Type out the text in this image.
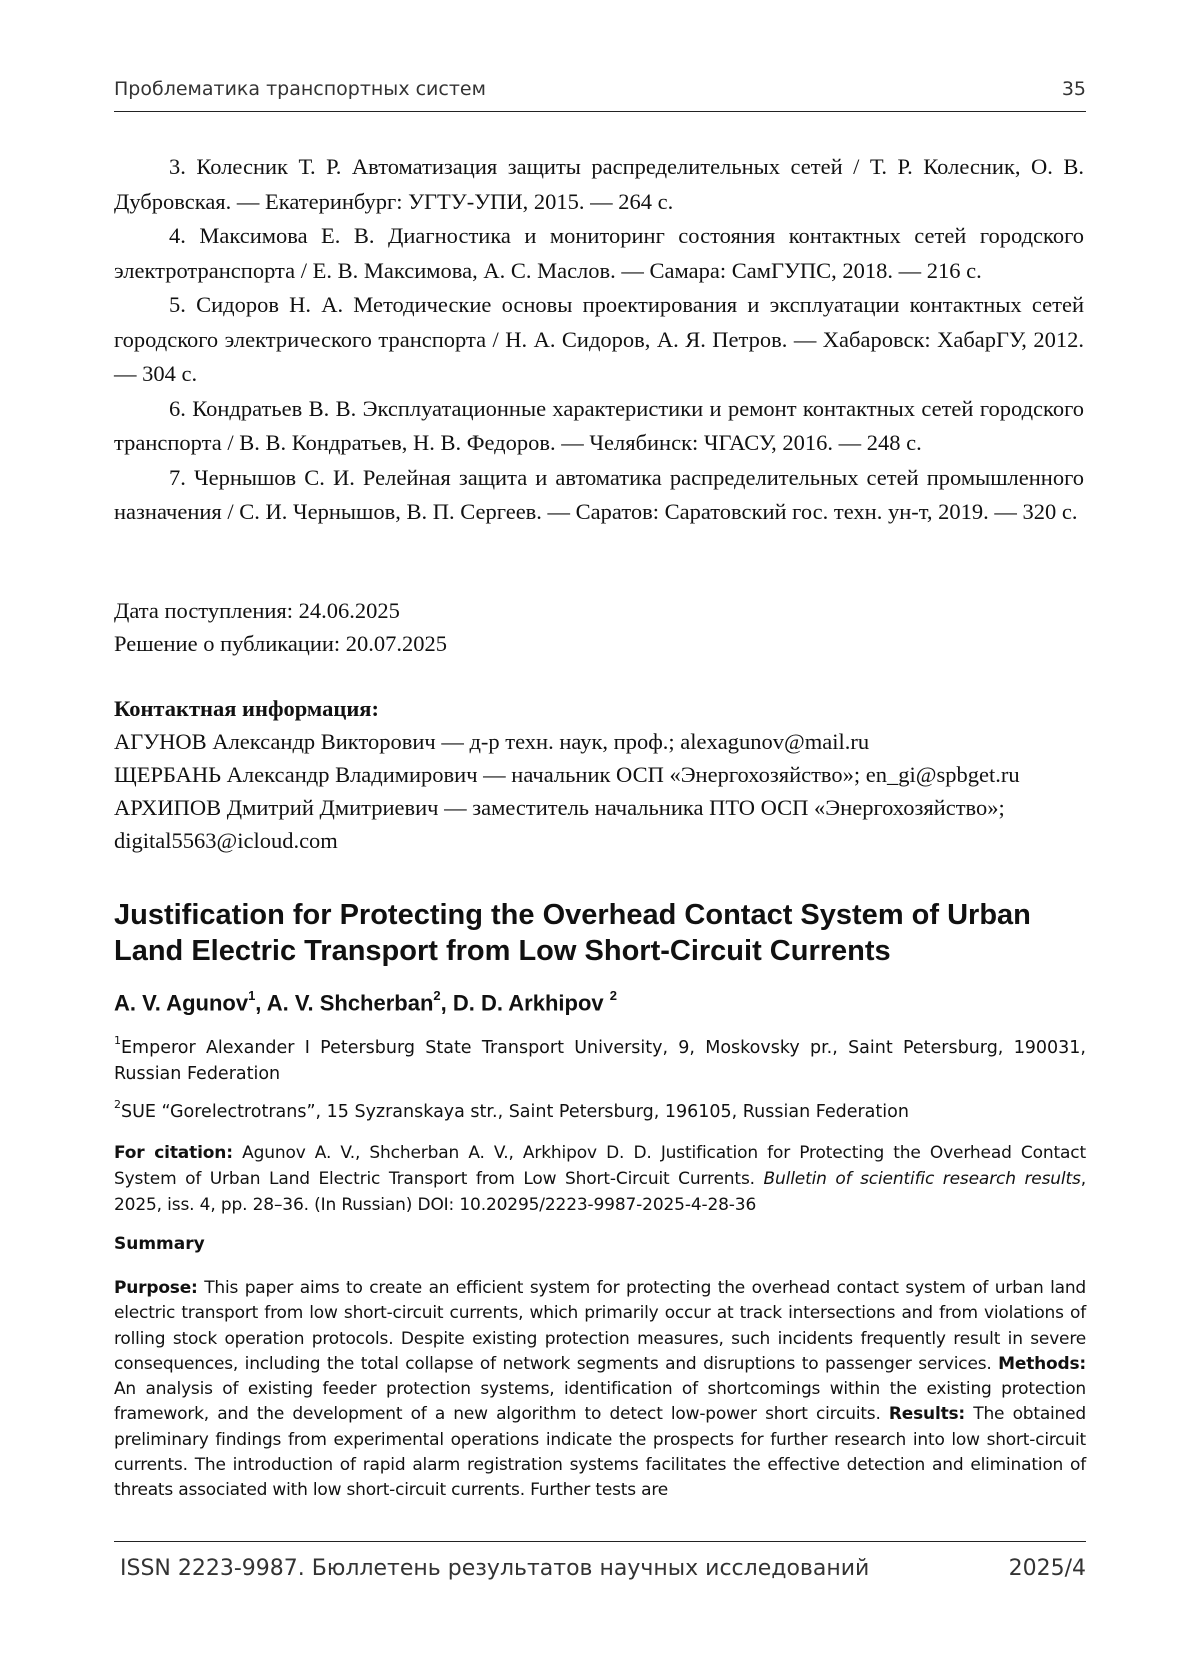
Проблематика транспортных систем	35

3. Колесник Т. Р. Автоматизация защиты распределительных сетей / Т. Р. Колесник, О. В. Дубровская. — Екатеринбург: УГТУ-УПИ, 2015. — 264 с.

4. Максимова Е. В. Диагностика и мониторинг состояния контактных сетей городского электротранспорта / Е. В. Максимова, А. С. Маслов. — Самара: СамГУПС, 2018. — 216 с.

5. Сидоров Н. А. Методические основы проектирования и эксплуатации контактных сетей городского электрического транспорта / Н. А. Сидоров, А. Я. Петров. — Хабаровск: ХабарГУ, 2012. — 304 с.

6. Кондратьев В. В. Эксплуатационные характеристики и ремонт контактных сетей городского транспорта / В. В. Кондратьев, Н. В. Федоров. — Челябинск: ЧГАСУ, 2016. — 248 с.

7. Чернышов С. И. Релейная защита и автоматика распределительных сетей промышленного назначения / С. И. Чернышов, В. П. Сергеев. — Саратов: Саратовский гос. техн. ун-т, 2019. — 320 с.

Дата поступления: 24.06.2025
Решение о публикации: 20.07.2025
Контактная информация:
АГУНОВ Александр Викторович — д-р техн. наук, проф.; alexagunov@mail.ru
ЩЕРБАНЬ Александр Владимирович — начальник ОСП «Энергохозяйство»; en_gi@spbget.ru
АРХИПОВ Дмитрий Дмитриевич — заместитель начальника ПТО ОСП «Энергохозяйство»;
digital5563@icloud.com
Justification for Protecting the Overhead Contact System of Urban Land Electric Transport from Low Short-Circuit Currents
A. V. Agunov$^1$, A. V. Shcherban$^2$, D. D. Arkhipov $^2$
$^1$Emperor Alexander I Petersburg State Transport University, 9, Moskovsky pr., Saint Petersburg, 190031, Russian Federation
$^2$SUE “Gorelectrotrans”, 15 Syzranskaya str., Saint Petersburg, 196105, Russian Federation
For citation: Agunov A. V., Shcherban A. V., Arkhipov D. D. Justification for Protecting the Overhead Contact System of Urban Land Electric Transport from Low Short-Circuit Currents. Bulletin of scientific research results, 2025, iss. 4, pp. 28–36. (In Russian) DOI: 10.20295/2223-9987-2025-4-28-36
Summary
Purpose: This paper aims to create an efficient system for protecting the overhead contact system of urban land electric transport from low short-circuit currents, which primarily occur at track intersections and from violations of rolling stock operation protocols. Despite existing protection measures, such incidents frequently result in severe consequences, including the total collapse of network segments and disruptions to passenger services. Methods: An analysis of existing feeder protection systems, identification of shortcomings within the existing protection framework, and the development of a new algorithm to detect low-power short circuits. Results: The obtained preliminary findings from experimental operations indicate the prospects for further research into low short-circuit currents. The introduction of rapid alarm registration systems facilitates the effective detection and elimination of threats associated with low short-circuit currents. Further tests are
ISSN 2223-9987. Бюллетень результатов научных исследований	2025/4
